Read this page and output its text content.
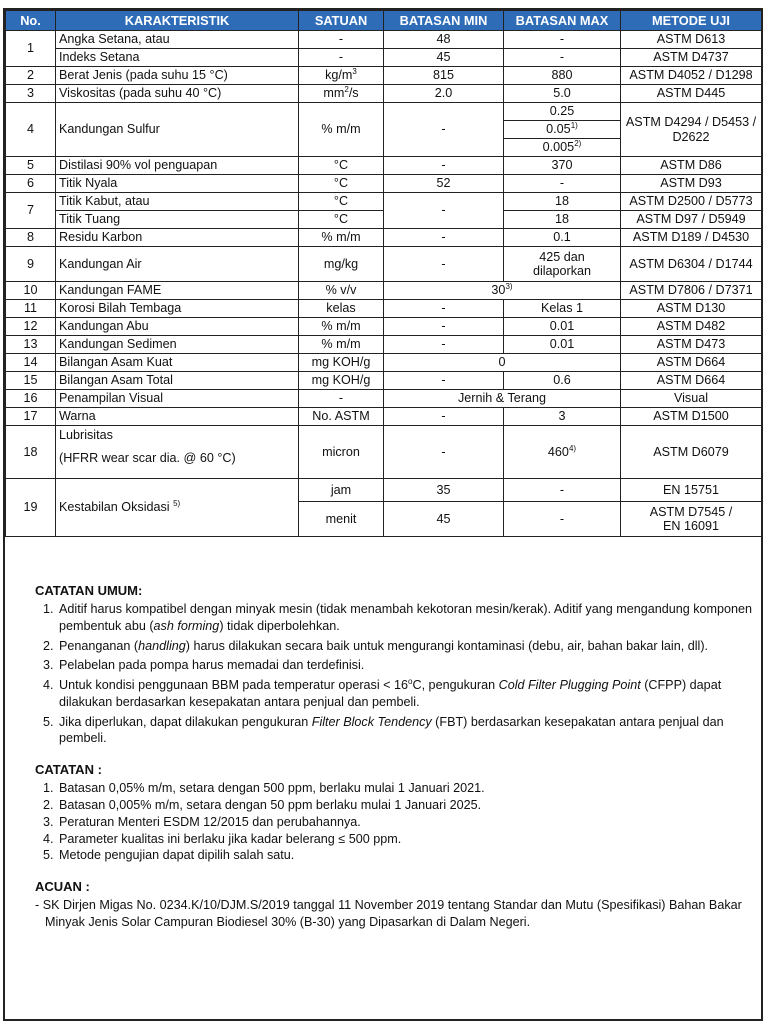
No.	KARAKTERISTIK	SATUAN	BATASAN MIN	BATASAN MAX	METODE UJI
1	Angka Setana, atau	-	48	-	ASTM D613
	Indeks Setana	-	45	-	ASTM D4737
2	Berat Jenis (pada suhu 15 °C)	$kg/m^3$	815	880	ASTM D4052 / D1298
3	Viskositas (pada suhu 40 °C)	$mm^2/s$	2.0	5.0	ASTM D445
4	Kandungan Sulfur	% m/m	-	0.25	ASTM D4294 / D5453 / D2622
				0.05$^{1)}$
				0.005$^{2)}$
5	Distilasi 90% vol penguapan	°C	-	370	ASTM D86
6	Titik Nyala	°C	52	-	ASTM D93
7	Titik Kabut, atau	°C	-	18	ASTM D2500 / D5773
	Titik Tuang	°C		18	ASTM D97 / D5949
8	Residu Karbon	% m/m	-	0.1	ASTM D189 / D4530
9	Kandungan Air	mg/kg	-	425 dan dilaporkan	ASTM D6304 / D1744
10	Kandungan FAME	% v/v	30$^{3)}$		ASTM D7806 / D7371
11	Korosi Bilah Tembaga	kelas	-	Kelas 1	ASTM D130
12	Kandungan Abu	% m/m	-	0.01	ASTM D482
13	Kandungan Sedimen	% m/m	-	0.01	ASTM D473
14	Bilangan Asam Kuat	mg KOH/g	0		ASTM D664
15	Bilangan Asam Total	mg KOH/g	-	0.6	ASTM D664
16	Penampilan Visual	-	Jernih & Terang		Visual
17	Warna	No. ASTM	-	3	ASTM D1500
18	Lubrisitas
(HFRR wear scar dia. @ 60 °C)	micron	-	460$^{4)}$	ASTM D6079
19	Kestabilan Oksidasi $^{5)}$	jam	35	-	EN 15751
		menit	45	-	ASTM D7545 / EN 16091
CATATAN UMUM:
1. Aditif harus kompatibel dengan minyak mesin (tidak menambah kekotoran mesin/kerak). Aditif yang mengandung komponen pembentuk abu (ash forming) tidak diperbolehkan.
2. Penanganan (handling) harus dilakukan secara baik untuk mengurangi kontaminasi (debu, air, bahan bakar lain, dll).
3. Pelabelan pada pompa harus memadai dan terdefinisi.
4. Untuk kondisi penggunaan BBM pada temperatur operasi < $16^oC$, pengukuran Cold Filter Plugging Point (CFPP) dapat dilakukan berdasarkan kesepakatan antara penjual dan pembeli.
5. Jika diperlukan, dapat dilakukan pengukuran Filter Block Tendency (FBT) berdasarkan kesepakatan antara penjual dan pembeli.
CATATAN :
1. Batasan 0,05% m/m, setara dengan 500 ppm, berlaku mulai 1 Januari 2021.
2. Batasan 0,005% m/m, setara dengan 50 ppm berlaku mulai 1 Januari 2025.
3. Peraturan Menteri ESDM 12/2015 dan perubahannya.
4. Parameter kualitas ini berlaku jika kadar belerang ≤ 500 ppm.
5. Metode pengujian dapat dipilih salah satu.
ACUAN :
- SK Dirjen Migas No. 0234.K/10/DJM.S/2019 tanggal 11 November 2019 tentang Standar dan Mutu (Spesifikasi) Bahan Bakar Minyak Jenis Solar Campuran Biodiesel 30% (B-30) yang Dipasarkan di Dalam Negeri.
